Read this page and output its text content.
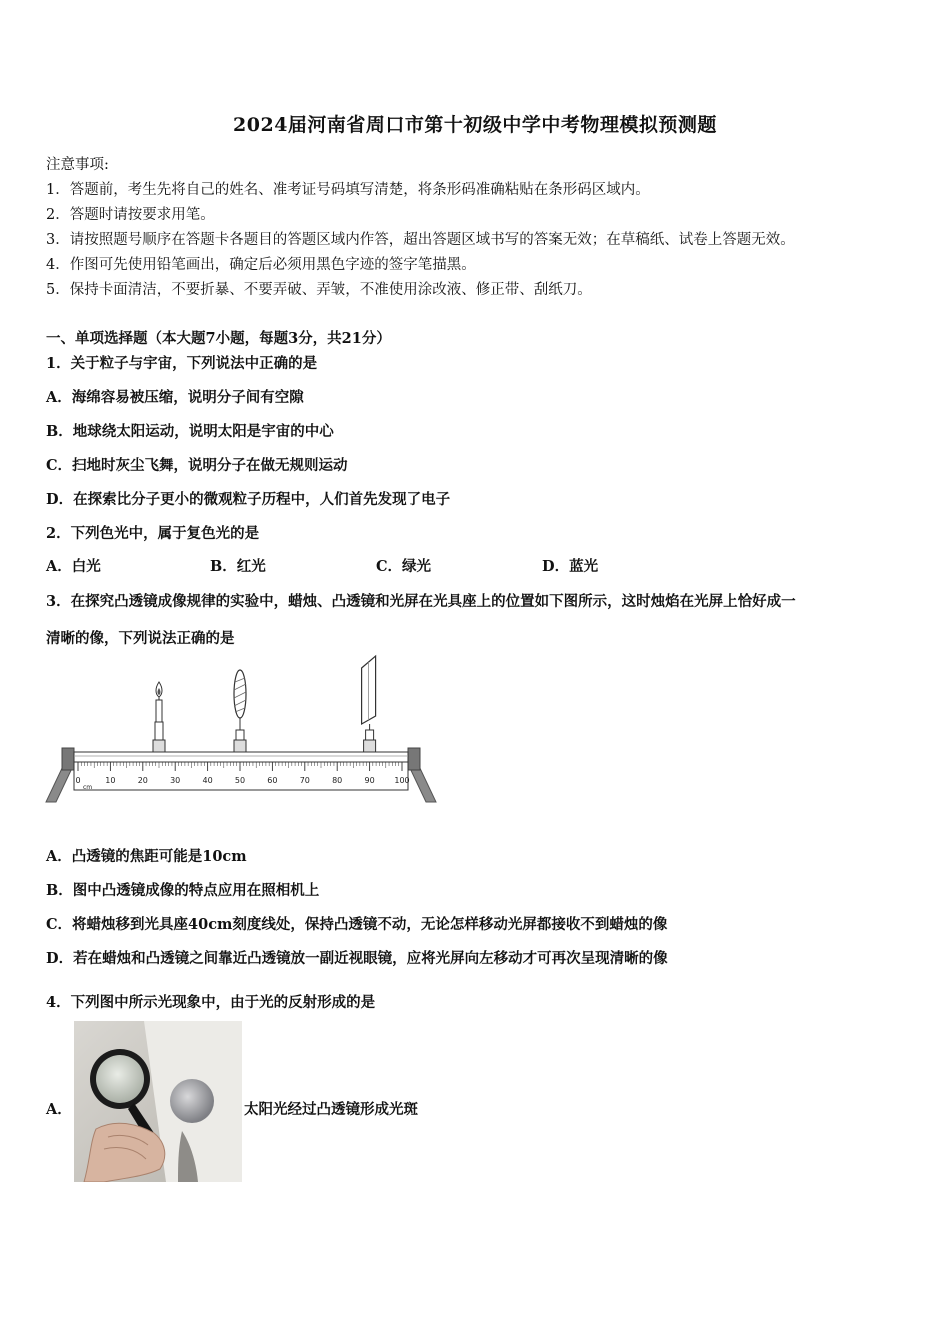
2024届河南省周口市第十初级中学中考物理模拟预测题
注意事项:
1．答题前，考生先将自己的姓名、准考证号码填写清楚，将条形码准确粘贴在条形码区域内。
2．答题时请按要求用笔。
3．请按照题号顺序在答题卡各题目的答题区域内作答，超出答题区域书写的答案无效；在草稿纸、试卷上答题无效。
4．作图可先使用铅笔画出，确定后必须用黑色字迹的签字笔描黑。
5．保持卡面清洁，不要折暴、不要弄破、弄皱，不准使用涂改液、修正带、刮纸刀。
一、单项选择题（本大题7小题，每题3分，共21分）
1．关于粒子与宇宙，下列说法中正确的是
A．海绵容易被压缩，说明分子间有空隙
B．地球绕太阳运动，说明太阳是宇宙的中心
C．扫地时灰尘飞舞，说明分子在做无规则运动
D．在探索比分子更小的微观粒子历程中，人们首先发现了电子
2．下列色光中，属于复色光的是
A．白光	B．红光	C．绿光	D．蓝光
3．在探究凸透镜成像规律的实验中，蜡烛、凸透镜和光屏在光具座上的位置如下图所示，这时烛焰在光屏上恰好成一
清晰的像，下列说法正确的是
0	10	20	30	40	50	60	70	80	90 100
cm
A．凸透镜的焦距可能是10cm
B．图中凸透镜成像的特点应用在照相机上
C．将蜡烛移到光具座40cm刻度线处，保持凸透镜不动，无论怎样移动光屏都接收不到蜡烛的像
D．若在蜡烛和凸透镜之间靠近凸透镜放一副近视眼镜，应将光屏向左移动才可再次呈现清晰的像
4．下列图中所示光现象中，由于光的反射形成的是
A．	太阳光经过凸透镜形成光斑
